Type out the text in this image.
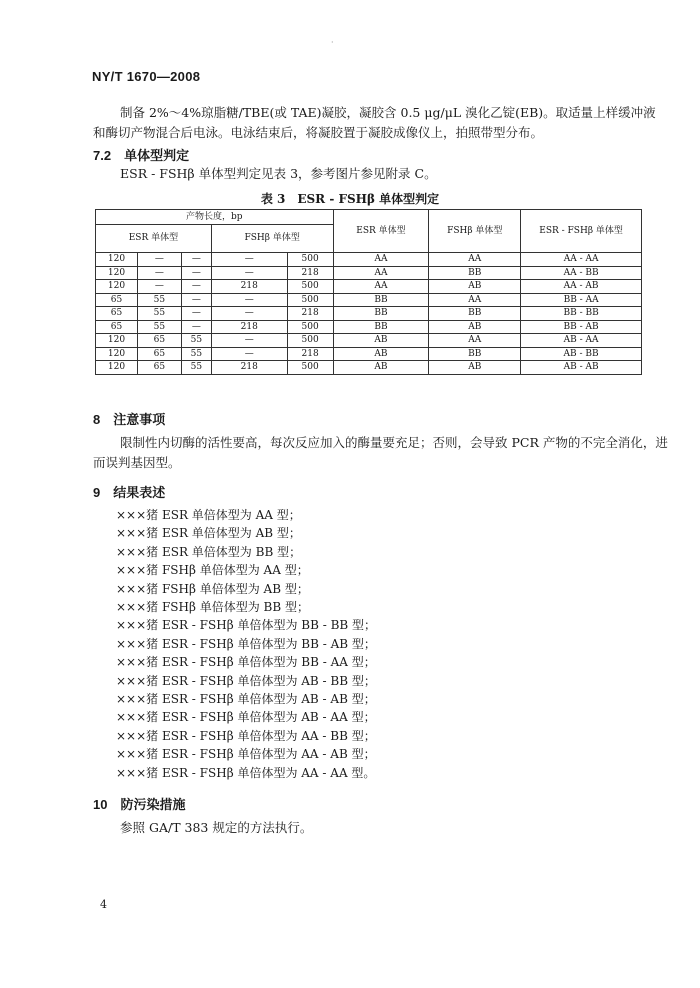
·
NY/T 1670—2008
制备 2%～4%琼脂糖/TBE(或 TAE)凝胶，凝胶含 0.5 μg/μL 溴化乙锭(EB)。取适量上样缓冲液
和酶切产物混合后电泳。电泳结束后，将凝胶置于凝胶成像仪上，拍照带型分布。
7.2　单体型判定
ESR - FSHβ 单体型判定见表 3，参考图片参见附录 C。
表 3　ESR - FSHβ 单体型判定
产物长度，bp					ESR 单体型	FSHβ 单体型	ESR - FSHβ 单体型
ESR 单体型			FSHβ 单体型				
120	—	—	—	500	AA	AA	AA - AA
120	—	—	—	218	AA	BB	AA - BB
120	—	—	218	500	AA	AB	AA - AB
65	55	—	—	500	BB	AA	BB - AA
65	55	—	—	218	BB	BB	BB - BB
65	55	—	218	500	BB	AB	BB - AB
120	65	55	—	500	AB	AA	AB - AA
120	65	55	—	218	AB	BB	AB - BB
120	65	55	218	500	AB	AB	AB - AB
8　注意事项
限制性内切酶的活性要高，每次反应加入的酶量要充足；否则，会导致 PCR 产物的不完全消化，进
而误判基因型。
9　结果表述
×××猪 ESR 单倍体型为 AA 型；
×××猪 ESR 单倍体型为 AB 型；
×××猪 ESR 单倍体型为 BB 型；
×××猪 FSHβ 单倍体型为 AA 型；
×××猪 FSHβ 单倍体型为 AB 型；
×××猪 FSHβ 单倍体型为 BB 型；
×××猪 ESR - FSHβ 单倍体型为 BB - BB 型；
×××猪 ESR - FSHβ 单倍体型为 BB - AB 型；
×××猪 ESR - FSHβ 单倍体型为 BB - AA 型；
×××猪 ESR - FSHβ 单倍体型为 AB - BB 型；
×××猪 ESR - FSHβ 单倍体型为 AB - AB 型；
×××猪 ESR - FSHβ 单倍体型为 AB - AA 型；
×××猪 ESR - FSHβ 单倍体型为 AA - BB 型；
×××猪 ESR - FSHβ 单倍体型为 AA - AB 型；
×××猪 ESR - FSHβ 单倍体型为 AA - AA 型。
10　防污染措施
参照 GA/T 383 规定的方法执行。
4
